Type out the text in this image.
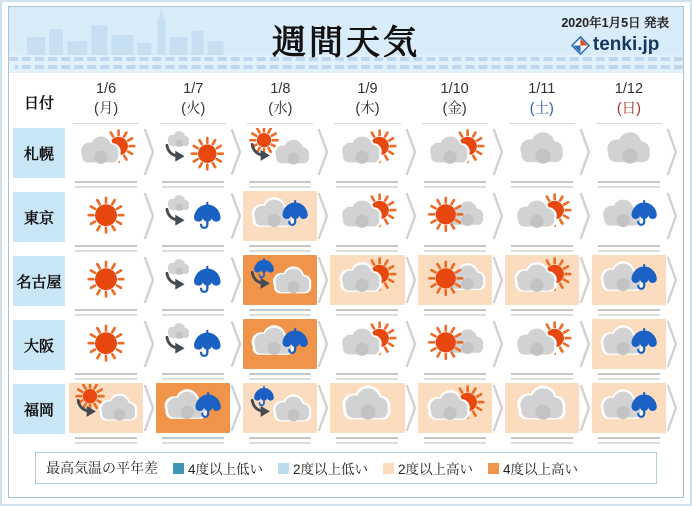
週間天気
2020年1月5日 発表
tenki.jp
日付
1/6
(月)
1/7
(火)
1/8
(水)
1/9
(木)
1/10
(金)
1/11
(土)
1/12
(日)
札幌
東京
名古屋
大阪
福岡
最高気温の平年差 4度以上低い 2度以上低い 2度以上高い 4度以上高い
